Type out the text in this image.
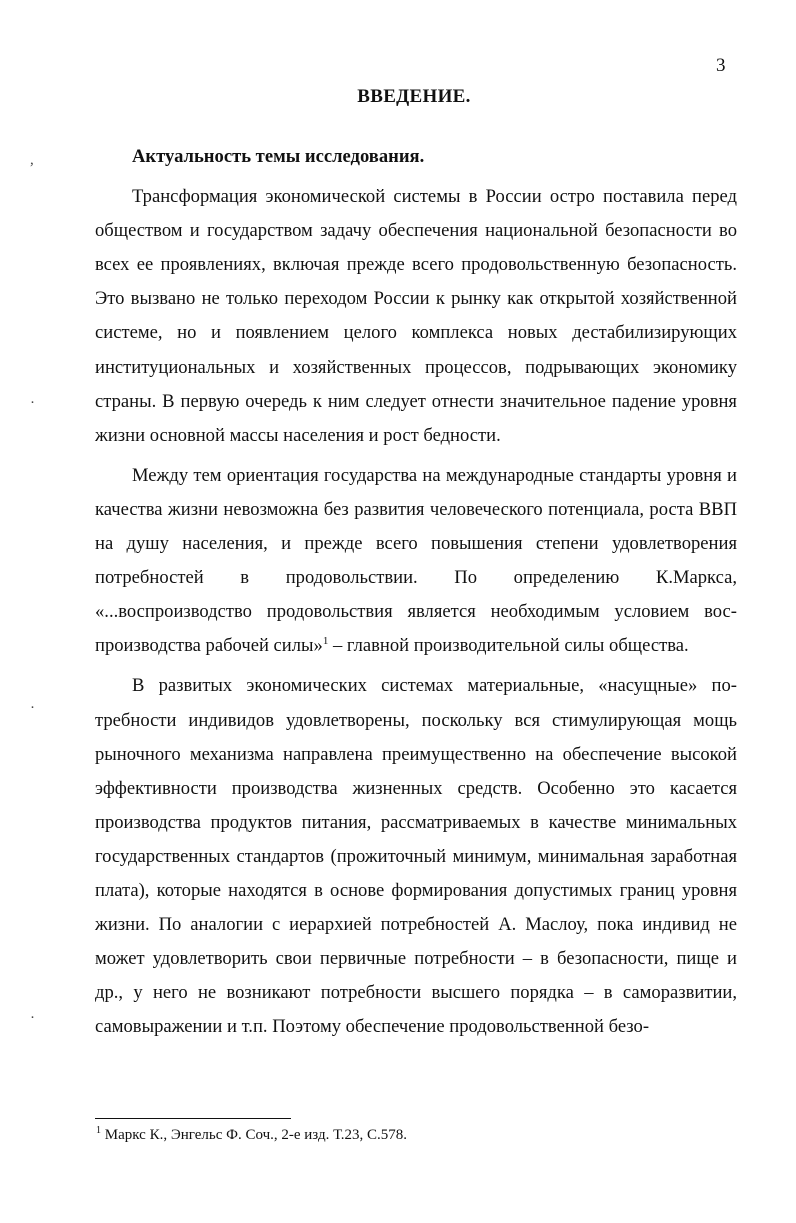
3
ВВЕДЕНИЕ.

Актуальность темы исследования.

Трансформация экономической системы в России остро поставила перед обществом и государством задачу обеспечения национальной безопасности во всех ее проявлениях, включая прежде всего продовольственную безопасность. Это вызвано не только переходом России к рынку как открытой хозяйственной системе, но и появлением целого комплекса новых дестабилизирующих институциональных и хозяйственных процессов, подрывающих экономику страны. В первую очередь к ним следует отнести значительное падение уровня жизни основной массы населения и рост бедности.

Между тем ориентация государства на международные стандарты уровня и качества жизни невозможна без развития человеческого потенциала, роста ВВП на душу населения, и прежде всего повышения степени удовлетворения потребностей в продовольствии. По определению К.Маркса, «...воспроизводство продовольствия является необходимым условием воспроизводства рабочей силы»$^1$ – главной производительной силы общества.

В развитых экономических системах материальные, «насущные» потребности индивидов удовлетворены, поскольку вся стимулирующая мощь рыночного механизма направлена преимущественно на обеспечение высокой эффективности производства жизненных средств. Особенно это касается производства продуктов питания, рассматриваемых в качестве минимальных государственных стандартов (прожиточный минимум, минимальная заработная плата), которые находятся в основе формирования допустимых границ уровня жизни. По аналогии с иерархией потребностей А. Маслоу, пока индивид не может удовлетворить свои первичные потребности – в безопасности, пище и др., у него не возникают потребности высшего порядка – в саморазвитии, самовыражении и т.п. Поэтому обеспечение продовольственной безо-

$^1$ Маркс К., Энгельс Ф. Соч., 2-е изд. Т.23, С.578.
,
·
·
·
